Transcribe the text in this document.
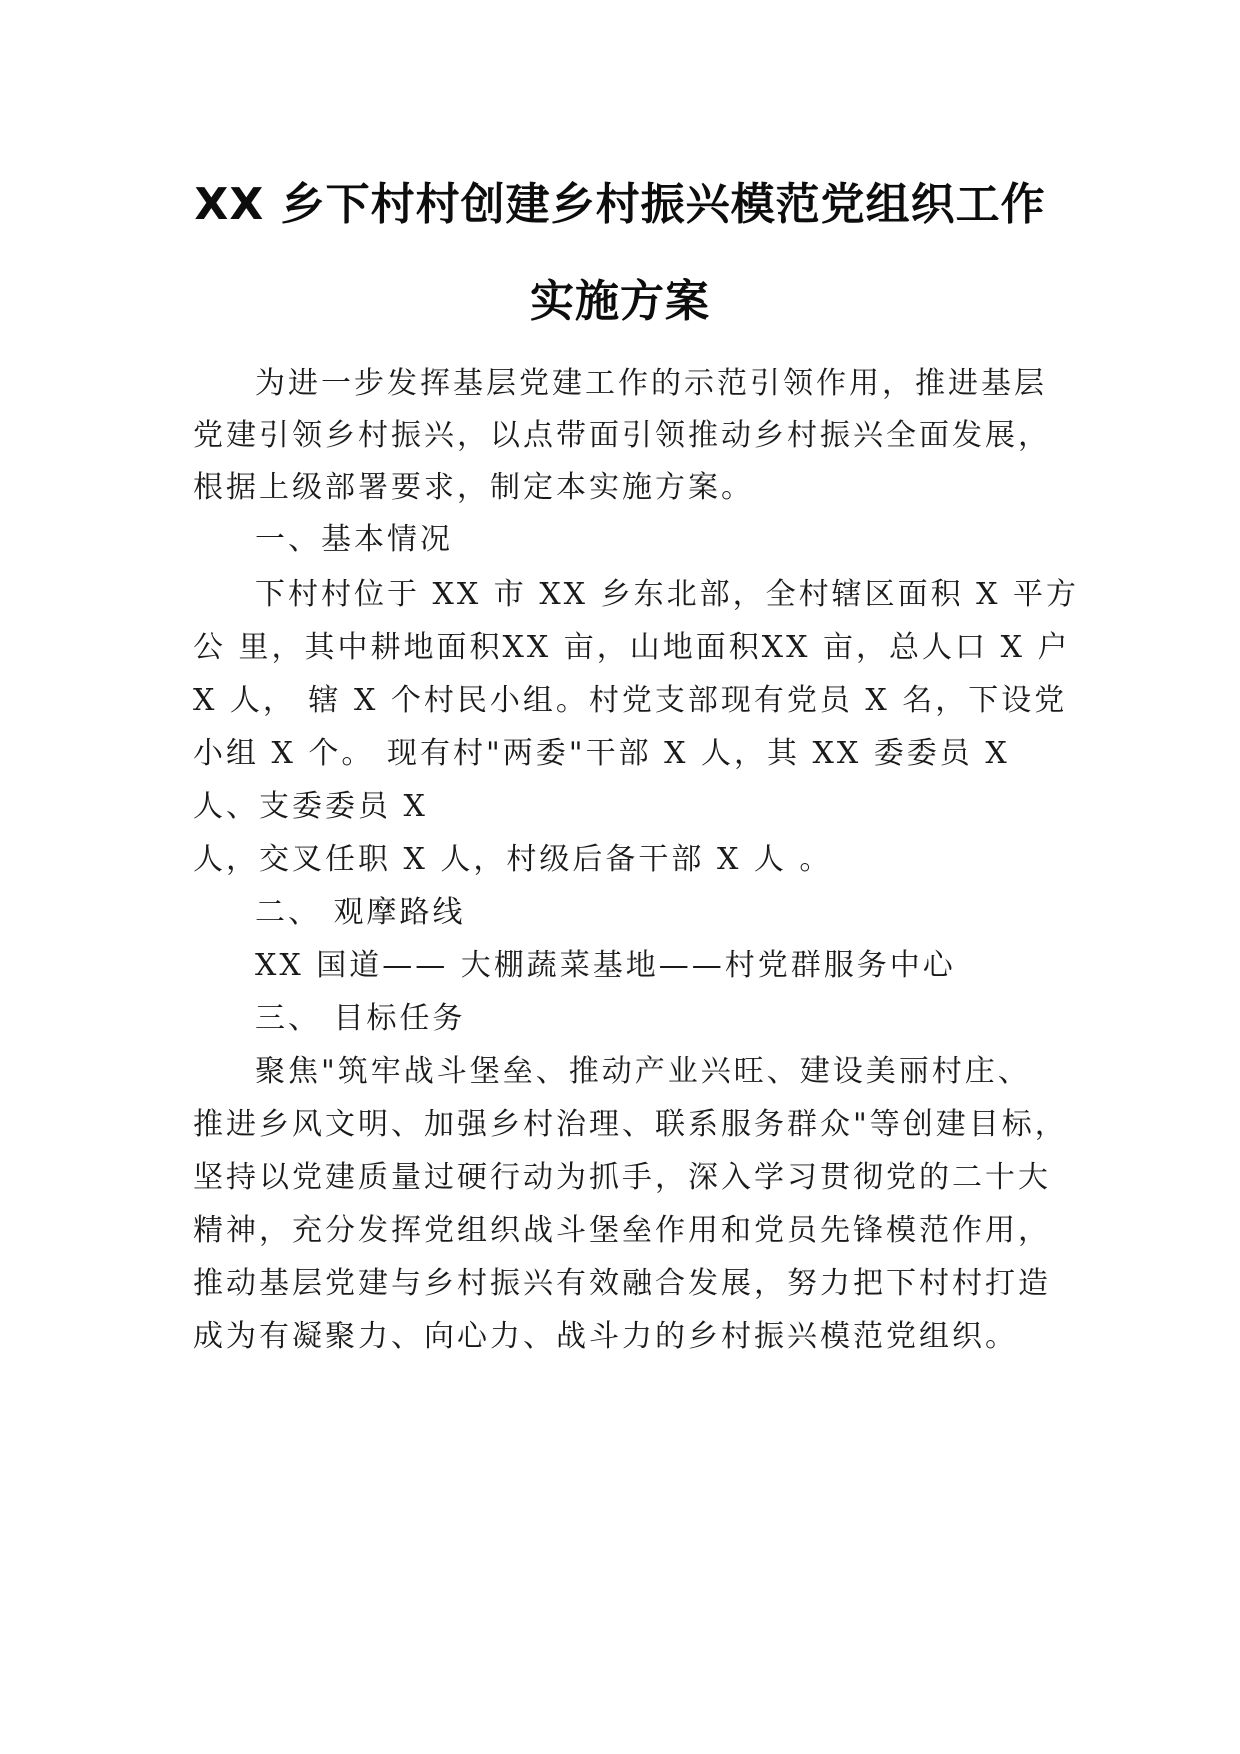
XX 乡下村村创建乡村振兴模范党组织工作
实施方案
为进一步发挥基层党建工作的示范引领作用，推进基层
党建引领乡村振兴，以点带面引领推动乡村振兴全面发展，
根据上级部署要求，制定本实施方案。
一、基本情况
下村村位于 XX 市 XX 乡东北部，全村辖区面积 X 平方
公 里，其中耕地面积XX 亩，山地面积XX 亩，总人口 X 户
X 人， 辖 X 个村民小组。村党支部现有党员 X 名，下设党
小组 X 个。 现有村"两委"干部 X 人，其 XX 委委员 X
人、支委委员 X
人，交叉任职 X 人，村级后备干部 X 人 。
二、 观摩路线
XX 国道—— 大棚蔬菜基地——村党群服务中心
三、 目标任务
聚焦"筑牢战斗堡垒、推动产业兴旺、建设美丽村庄、
推进乡风文明、加强乡村治理、联系服务群众"等创建目标，
坚持以党建质量过硬行动为抓手，深入学习贯彻党的二十大
精神，充分发挥党组织战斗堡垒作用和党员先锋模范作用，
推动基层党建与乡村振兴有效融合发展，努力把下村村打造
成为有凝聚力、向心力、战斗力的乡村振兴模范党组织。
